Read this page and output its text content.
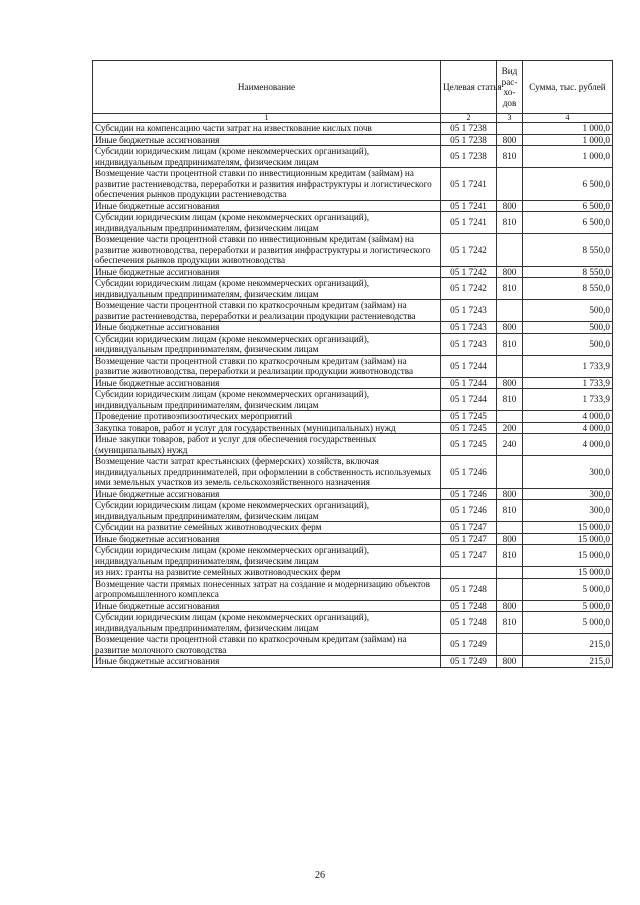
Наименование	Целевая статья	Вид рас-хо-дов	Сумма, тыс. рублей
1	2	3	4
Субсидии на компенсацию части затрат на известкование кислых почв	05 1 7238		1 000,0
Иные бюджетные ассигнования	05 1 7238	800	1 000,0
Субсидии юридическим лицам (кроме некоммерческих организаций), индивидуальным предпринимателям, физическим лицам	05 1 7238	810	1 000,0
Возмещение части процентной ставки по инвестиционным кредитам (займам) на развитие растениеводства, переработки и развития инфраструктуры и логистического обеспечения рынков продукции растениеводства	05 1 7241		6 500,0
Иные бюджетные ассигнования	05 1 7241	800	6 500,0
Субсидии юридическим лицам (кроме некоммерческих организаций), индивидуальным предпринимателям, физическим лицам	05 1 7241	810	6 500,0
Возмещение части процентной ставки по инвестиционным кредитам (займам) на развитие животноводства, переработки и развития инфраструктуры и логистического обеспечения рынков продукции животноводства	05 1 7242		8 550,0
Иные бюджетные ассигнования	05 1 7242	800	8 550,0
Субсидии юридическим лицам (кроме некоммерческих организаций), индивидуальным предпринимателям, физическим лицам	05 1 7242	810	8 550,0
Возмещение части процентной ставки по краткосрочным кредитам (займам) на развитие растениеводства, переработки и реализации продукции растениеводства	05 1 7243		500,0
Иные бюджетные ассигнования	05 1 7243	800	500,0
Субсидии юридическим лицам (кроме некоммерческих организаций), индивидуальным предпринимателям, физическим лицам	05 1 7243	810	500,0
Возмещение части процентной ставки по краткосрочным кредитам (займам) на развитие животноводства, переработки и реализации продукции животноводства	05 1 7244		1 733,9
Иные бюджетные ассигнования	05 1 7244	800	1 733,9
Субсидии юридическим лицам (кроме некоммерческих организаций), индивидуальным предпринимателям, физическим лицам	05 1 7244	810	1 733,9
Проведение противоэпизоотических мероприятий	05 1 7245		4 000,0
Закупка товаров, работ и услуг для государственных (муниципальных) нужд	05 1 7245	200	4 000,0
Иные закупки товаров, работ и услуг для обеспечения государственных (муниципальных) нужд	05 1 7245	240	4 000,0
Возмещение части затрат крестьянских (фермерских) хозяйств, включая индивидуальных предпринимателей, при оформлении в собственность используемых ими земельных участков из земель сельскохозяйственного назначения	05 1 7246		300,0
Иные бюджетные ассигнования	05 1 7246	800	300,0
Субсидии юридическим лицам (кроме некоммерческих организаций), индивидуальным предпринимателям, физическим лицам	05 1 7246	810	300,0
Субсидии на развитие семейных животноводческих ферм	05 1 7247		15 000,0
Иные бюджетные ассигнования	05 1 7247	800	15 000,0
Субсидии юридическим лицам (кроме некоммерческих организаций), индивидуальным предпринимателям, физическим лицам	05 1 7247	810	15 000,0
из них: гранты на развитие семейных животноводческих ферм			15 000,0
Возмещение части прямых понесенных затрат на создание и модернизацию объектов агропромышленного комплекса	05 1 7248		5 000,0
Иные бюджетные ассигнования	05 1 7248	800	5 000,0
Субсидии юридическим лицам (кроме некоммерческих организаций), индивидуальным предпринимателям, физическим лицам	05 1 7248	810	5 000,0
Возмещение части процентной ставки по краткосрочным кредитам (займам) на развитие молочного скотоводства	05 1 7249		215,0
Иные бюджетные ассигнования	05 1 7249	800	215,0
26
